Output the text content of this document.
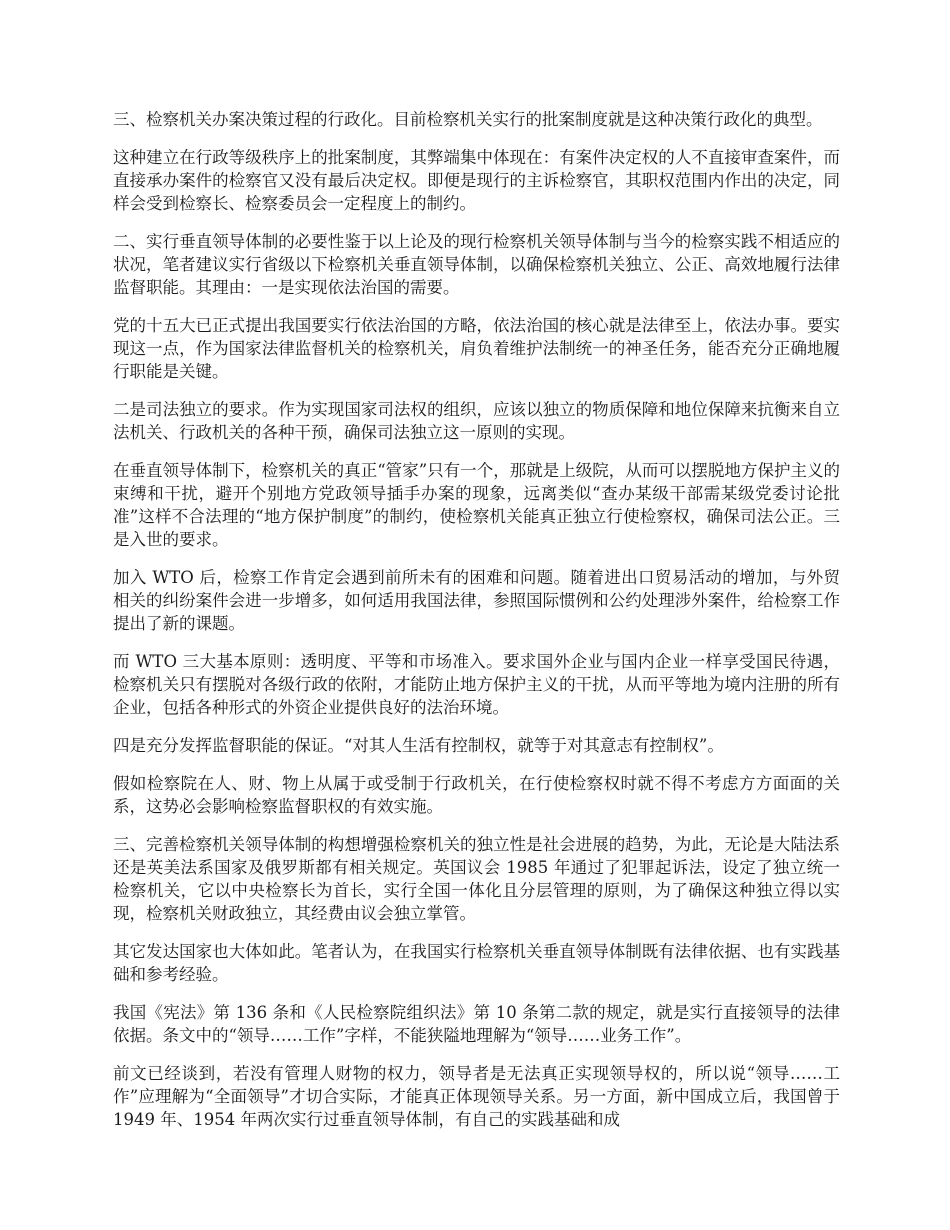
三、检察机关办案决策过程的行政化。目前检察机关实行的批案制度就是这种决策行政化的典型。

这种建立在行政等级秩序上的批案制度，其弊端集中体现在：有案件决定权的人不直接审查案件，而直接承办案件的检察官又没有最后决定权。即便是现行的主诉检察官，其职权范围内作出的决定，同样会受到检察长、检察委员会一定程度上的制约。

二、实行垂直领导体制的必要性鉴于以上论及的现行检察机关领导体制与当今的检察实践不相适应的状况，笔者建议实行省级以下检察机关垂直领导体制，以确保检察机关独立、公正、高效地履行法律监督职能。其理由：一是实现依法治国的需要。

党的十五大已正式提出我国要实行依法治国的方略，依法治国的核心就是法律至上，依法办事。要实现这一点，作为国家法律监督机关的检察机关，肩负着维护法制统一的神圣任务，能否充分正确地履行职能是关键。

二是司法独立的要求。作为实现国家司法权的组织，应该以独立的物质保障和地位保障来抗衡来自立法机关、行政机关的各种干预，确保司法独立这一原则的实现。

在垂直领导体制下，检察机关的真正“管家”只有一个，那就是上级院，从而可以摆脱地方保护主义的束缚和干扰，避开个别地方党政领导插手办案的现象，远离类似“查办某级干部需某级党委讨论批准”这样不合法理的“地方保护制度”的制约，使检察机关能真正独立行使检察权，确保司法公正。三是入世的要求。

加入 WTO 后，检察工作肯定会遇到前所未有的困难和问题。随着进出口贸易活动的增加，与外贸相关的纠纷案件会进一步增多，如何适用我国法律，参照国际惯例和公约处理涉外案件，给检察工作提出了新的课题。

而 WTO 三大基本原则：透明度、平等和市场准入。要求国外企业与国内企业一样享受国民待遇，检察机关只有摆脱对各级行政的依附，才能防止地方保护主义的干扰，从而平等地为境内注册的所有企业，包括各种形式的外资企业提供良好的法治环境。

四是充分发挥监督职能的保证。“对其人生活有控制权，就等于对其意志有控制权”。

假如检察院在人、财、物上从属于或受制于行政机关，在行使检察权时就不得不考虑方方面面的关系，这势必会影响检察监督职权的有效实施。

三、完善检察机关领导体制的构想增强检察机关的独立性是社会进展的趋势，为此，无论是大陆法系还是英美法系国家及俄罗斯都有相关规定。英国议会 1985 年通过了犯罪起诉法，设定了独立统一检察机关，它以中央检察长为首长，实行全国一体化且分层管理的原则，为了确保这种独立得以实现，检察机关财政独立，其经费由议会独立掌管。

其它发达国家也大体如此。笔者认为，在我国实行检察机关垂直领导体制既有法律依据、也有实践基础和参考经验。

我国《宪法》第 136 条和《人民检察院组织法》第 10 条第二款的规定，就是实行直接领导的法律依据。条文中的“领导……工作”字样，不能狭隘地理解为“领导……业务工作”。

前文已经谈到，若没有管理人财物的权力，领导者是无法真正实现领导权的，所以说“领导……工作”应理解为“全面领导”才切合实际，才能真正体现领导关系。另一方面，新中国成立后，我国曾于 1949 年、1954 年两次实行过垂直领导体制，有自己的实践基础和成
